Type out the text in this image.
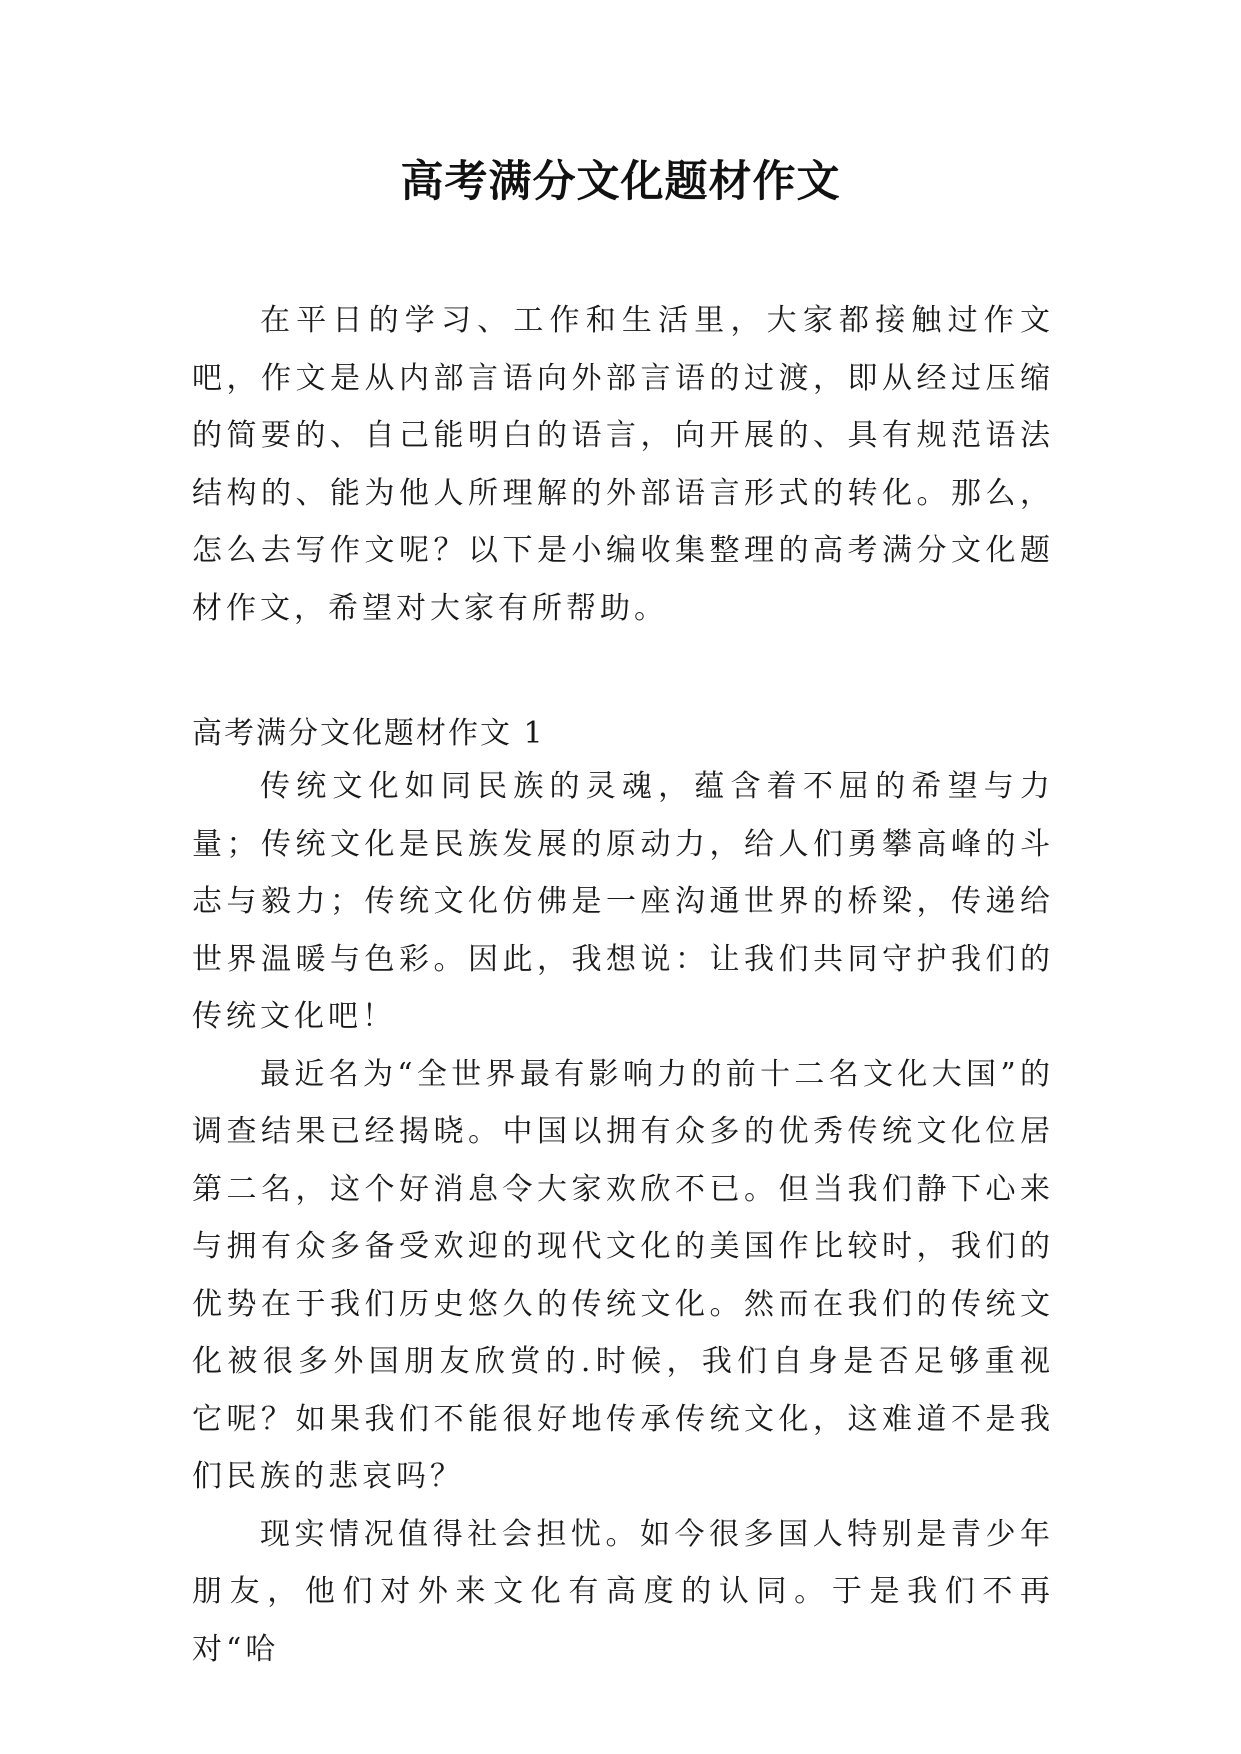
高考满分文化题材作文

在平日的学习、工作和生活里，大家都接触过作文吧，作文是从内部言语向外部言语的过渡，即从经过压缩的简要的、自己能明白的语言，向开展的、具有规范语法结构的、能为他人所理解的外部语言形式的转化。那么，怎么去写作文呢？以下是小编收集整理的高考满分文化题材作文，希望对大家有所帮助。

高考满分文化题材作文 1

传统文化如同民族的灵魂，蕴含着不屈的希望与力量；传统文化是民族发展的原动力，给人们勇攀高峰的斗志与毅力；传统文化仿佛是一座沟通世界的桥梁，传递给世界温暖与色彩。因此，我想说：让我们共同守护我们的传统文化吧！

最近名为“全世界最有影响力的前十二名文化大国”的调查结果已经揭晓。中国以拥有众多的优秀传统文化位居第二名，这个好消息令大家欢欣不已。但当我们静下心来与拥有众多备受欢迎的现代文化的美国作比较时，我们的优势在于我们历史悠久的传统文化。然而在我们的传统文化被很多外国朋友欣赏的.时候，我们自身是否足够重视它呢？如果我们不能很好地传承传统文化，这难道不是我们民族的悲哀吗？

现实情况值得社会担忧。如今很多国人特别是青少年朋友，他们对外来文化有高度的认同。于是我们不再对“哈
